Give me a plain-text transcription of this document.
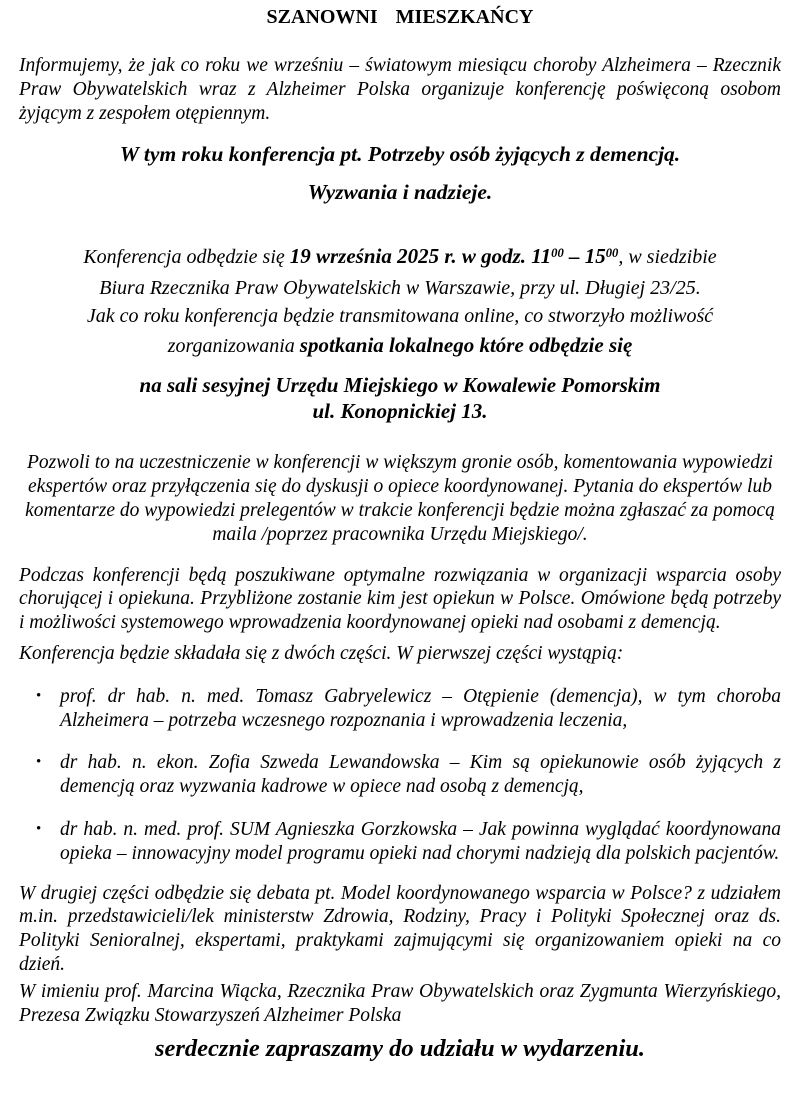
SZANOWNI MIESZKAŃCY

Informujemy, że jak co roku we wrześniu – światowym miesiącu choroby Alzheimera – Rzecznik Praw Obywatelskich wraz z Alzheimer Polska organizuje konferencję poświęconą osobom żyjącym z zespołem otępiennym.

W tym roku konferencja pt. Potrzeby osób żyjących z demencją.
Wyzwania i nadzieje.

Konferencja odbędzie się 19 września 2025 r. w godz. $11^{00} - 15^{00}$, w siedzibie
Biura Rzecznika Praw Obywatelskich w Warszawie, przy ul. Długiej 23/25.
Jak co roku konferencja będzie transmitowana online, co stworzyło możliwość
zorganizowania spotkania lokalnego które odbędzie się

na sali sesyjnej Urzędu Miejskiego w Kowalewie Pomorskim
ul. Konopnickiej 13.

Pozwoli to na uczestniczenie w konferencji w większym gronie osób, komentowania wypowiedzi ekspertów oraz przyłączenia się do dyskusji o opiece koordynowanej. Pytania do ekspertów lub komentarze do wypowiedzi prelegentów w trakcie konferencji będzie można zgłaszać za pomocą maila /poprzez pracownika Urzędu Miejskiego/.

Podczas konferencji będą poszukiwane optymalne rozwiązania w organizacji wsparcia osoby chorującej i opiekuna. Przybliżone zostanie kim jest opiekun w Polsce. Omówione będą potrzeby i możliwości systemowego wprowadzenia koordynowanej opieki nad osobami z demencją.

Konferencja będzie składała się z dwóch części. W pierwszej części wystąpią:

• prof. dr hab. n. med. Tomasz Gabryelewicz – Otępienie (demencja), w tym choroba Alzheimera – potrzeba wczesnego rozpoznania i wprowadzenia leczenia,
• dr hab. n. ekon. Zofia Szweda Lewandowska – Kim są opiekunowie osób żyjących z demencją oraz wyzwania kadrowe w opiece nad osobą z demencją,
• dr hab. n. med. prof. SUM Agnieszka Gorzkowska – Jak powinna wyglądać koordynowana opieka – innowacyjny model programu opieki nad chorymi nadzieją dla polskich pacjentów.

W drugiej części odbędzie się debata pt. Model koordynowanego wsparcia w Polsce? z udziałem m.in. przedstawicieli/lek ministerstw Zdrowia, Rodziny, Pracy i Polityki Społecznej oraz ds. Polityki Senioralnej, ekspertami, praktykami zajmującymi się organizowaniem opieki na co dzień.

W imieniu prof. Marcina Wiącka, Rzecznika Praw Obywatelskich oraz Zygmunta Wierzyńskiego, Prezesa Związku Stowarzyszeń Alzheimer Polska

serdecznie zapraszamy do udziału w wydarzeniu.
